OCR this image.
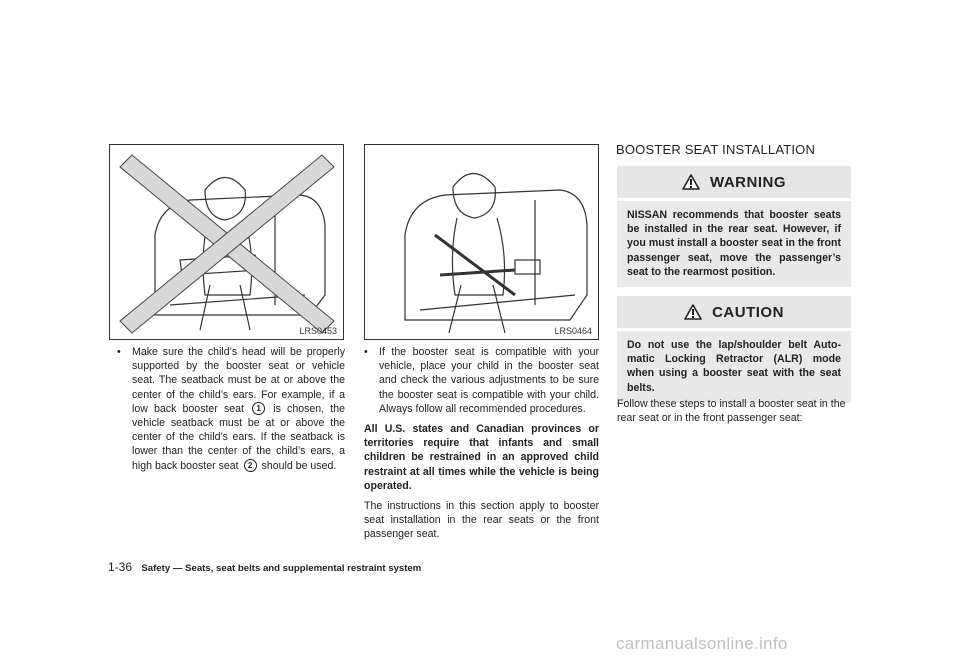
LRS0453	LRS0464
• Make sure the child’s head will be properly supported by the booster seat or vehicle seat. The seatback must be at or above the center of the child’s ears. For example, if a low back booster seat 1 is chosen, the vehicle seatback must be at or above the center of the child’s ears. If the seatback is lower than the center of the child’s ears, a high back booster seat 2 should be used.
• If the booster seat is compatible with your vehicle, place your child in the booster seat and check the various adjustments to be sure the booster seat is compatible with your child. Always follow all recommended procedures.
All U.S. states and Canadian provinces or territories require that infants and small children be restrained in an approved child restraint at all times while the vehicle is being operated.
The instructions in this section apply to booster seat installation in the rear seats or the front passenger seat.
BOOSTER SEAT INSTALLATION
WARNING
NISSAN recommends that booster seats be installed in the rear seat. However, if you must install a booster seat in the front passenger seat, move the passenger’s seat to the rearmost position.
CAUTION
Do not use the lap/shoulder belt Auto-matic Locking Retractor (ALR) mode when using a booster seat with the seat belts.
Follow these steps to install a booster seat in the rear seat or in the front passenger seat:
1-36 Safety — Seats, seat belts and supplemental restraint system
carmanualsonline.info
